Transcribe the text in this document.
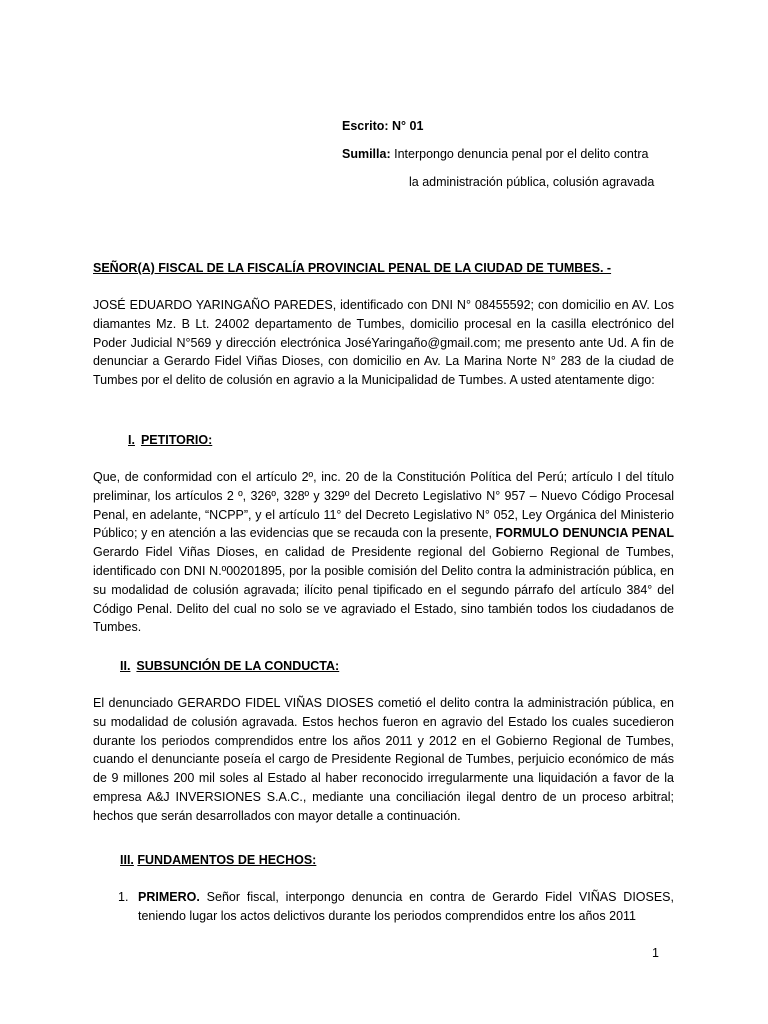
Escrito: N° 01
Sumilla: Interpongo denuncia penal por el delito contra
la administración pública, colusión agravada
SEÑOR(A) FISCAL DE LA FISCALÍA PROVINCIAL PENAL DE LA CIUDAD DE TUMBES. -
JOSÉ EDUARDO YARINGAÑO PAREDES, identificado con DNI N° 08455592; con domicilio en AV. Los diamantes Mz. B Lt. 24002 departamento de Tumbes, domicilio procesal en la casilla electrónico del Poder Judicial N°569 y dirección electrónica JoséYaringaño@gmail.com; me presento ante Ud. A fin de denunciar a Gerardo Fidel Viñas Dioses, con domicilio en Av. La Marina Norte N° 283 de la ciudad de Tumbes por el delito de colusión en agravio a la Municipalidad de Tumbes. A usted atentamente digo:
I. PETITORIO:
Que, de conformidad con el artículo 2º, inc. 20 de la Constitución Política del Perú; artículo I del título preliminar, los artículos 2 º, 326º, 328º y 329º del Decreto Legislativo N° 957 – Nuevo Código Procesal Penal, en adelante, “NCPP”, y el artículo 11° del Decreto Legislativo N° 052, Ley Orgánica del Ministerio Público; y en atención a las evidencias que se recauda con la presente, FORMULO DENUNCIA PENAL Gerardo Fidel Viñas Dioses, en calidad de Presidente regional del Gobierno Regional de Tumbes, identificado con DNI N.º00201895, por la posible comisión del Delito contra la administración pública, en su modalidad de colusión agravada; ilícito penal tipificado en el segundo párrafo del artículo 384° del Código Penal. Delito del cual no solo se ve agraviado el Estado, sino también todos los ciudadanos de Tumbes.
II. SUBSUNCIÓN DE LA CONDUCTA:
El denunciado GERARDO FIDEL VIÑAS DIOSES cometió el delito contra la administración pública, en su modalidad de colusión agravada. Estos hechos fueron en agravio del Estado los cuales sucedieron durante los periodos comprendidos entre los años 2011 y 2012 en el Gobierno Regional de Tumbes, cuando el denunciante poseía el cargo de Presidente Regional de Tumbes, perjuicio económico de más de 9 millones 200 mil soles al Estado al haber reconocido irregularmente una liquidación a favor de la empresa A&J INVERSIONES S.A.C., mediante una conciliación ilegal dentro de un proceso arbitral; hechos que serán desarrollados con mayor detalle a continuación.
III. FUNDAMENTOS DE HECHOS:
1. PRIMERO. Señor fiscal, interpongo denuncia en contra de Gerardo Fidel VIÑAS DIOSES, teniendo lugar los actos delictivos durante los periodos comprendidos entre los años 2011
1
